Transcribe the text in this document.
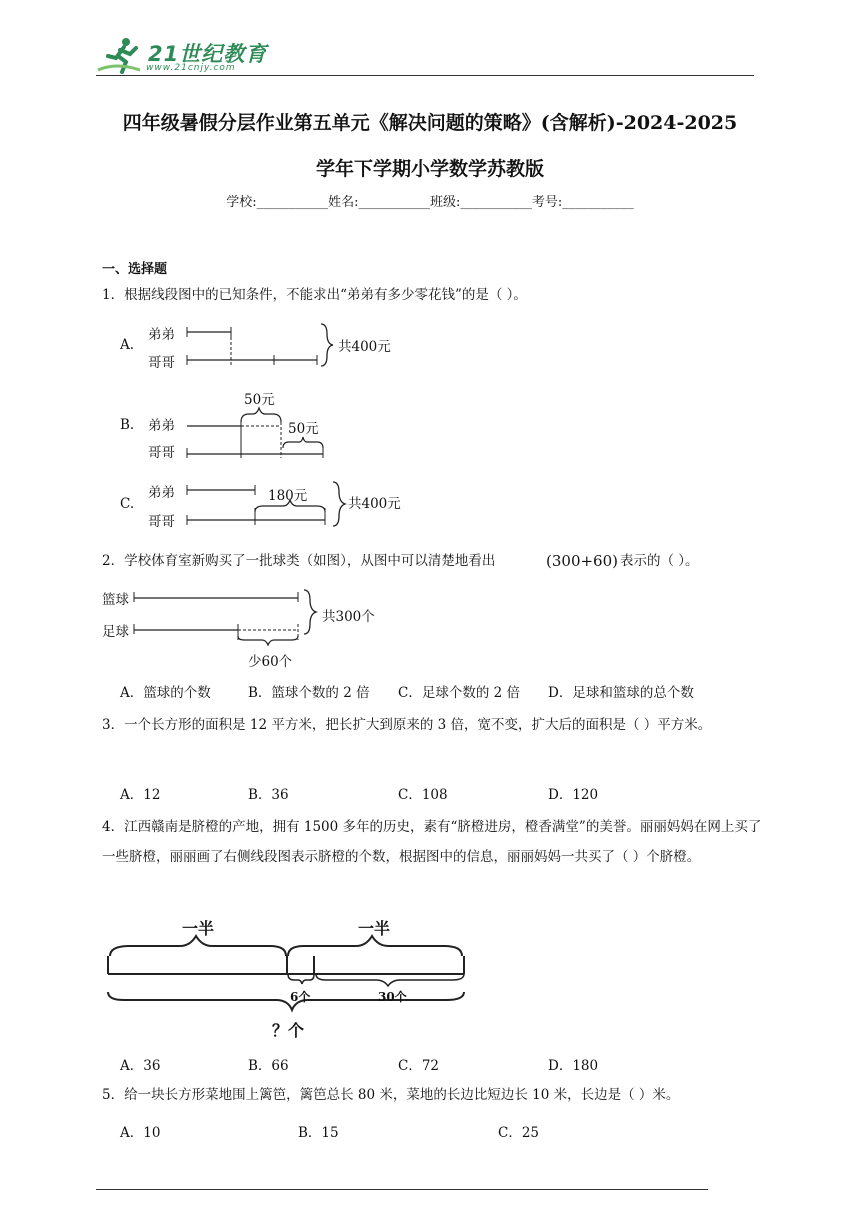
21世纪教育
www.21cnjy.com
四年级暑假分层作业第五单元《解决问题的策略》(含解析)-2024-2025
学年下学期小学数学苏教版
学校:___________姓名:___________班级:___________考号:___________
一、选择题
1．根据线段图中的已知条件，不能求出“弟弟有多少零花钱”的是（ ）。
A.
弟弟
哥哥
共400元
B. 弟弟
哥哥
50元
50元
C.
弟弟
哥哥
180元	共400元
2．学校体育室新购买了一批球类（如图），从图中可以清楚地看出	(300+60) 表示的（ ）。
篮球
足球
共300个
少60个
A．篮球的个数	B．篮球个数的 2 倍 C．足球个数的 2 倍 D．足球和篮球的总个数
3．一个长方形的面积是 12 平方米，把长扩大到原来的 3 倍，宽不变，扩大后的面积是（ ）平方米。
A．12	B．36	C．108	D．120
4．江西赣南是脐橙的产地，拥有 1500 多年的历史，素有“脐橙进房，橙香满堂”的美誉。丽丽妈妈在网上买了一些脐橙，丽丽画了右侧线段图表示脐橙的个数，根据图中的信息，丽丽妈妈一共买了（ ）个脐橙。
一半	一半
6个	30个
？个
A．36	B．66	C．72	D．180
5．给一块长方形菜地围上篱笆，篱笆总长 80 米，菜地的长边比短边长 10 米，长边是（ ）米。
A．10	B．15	C．25
